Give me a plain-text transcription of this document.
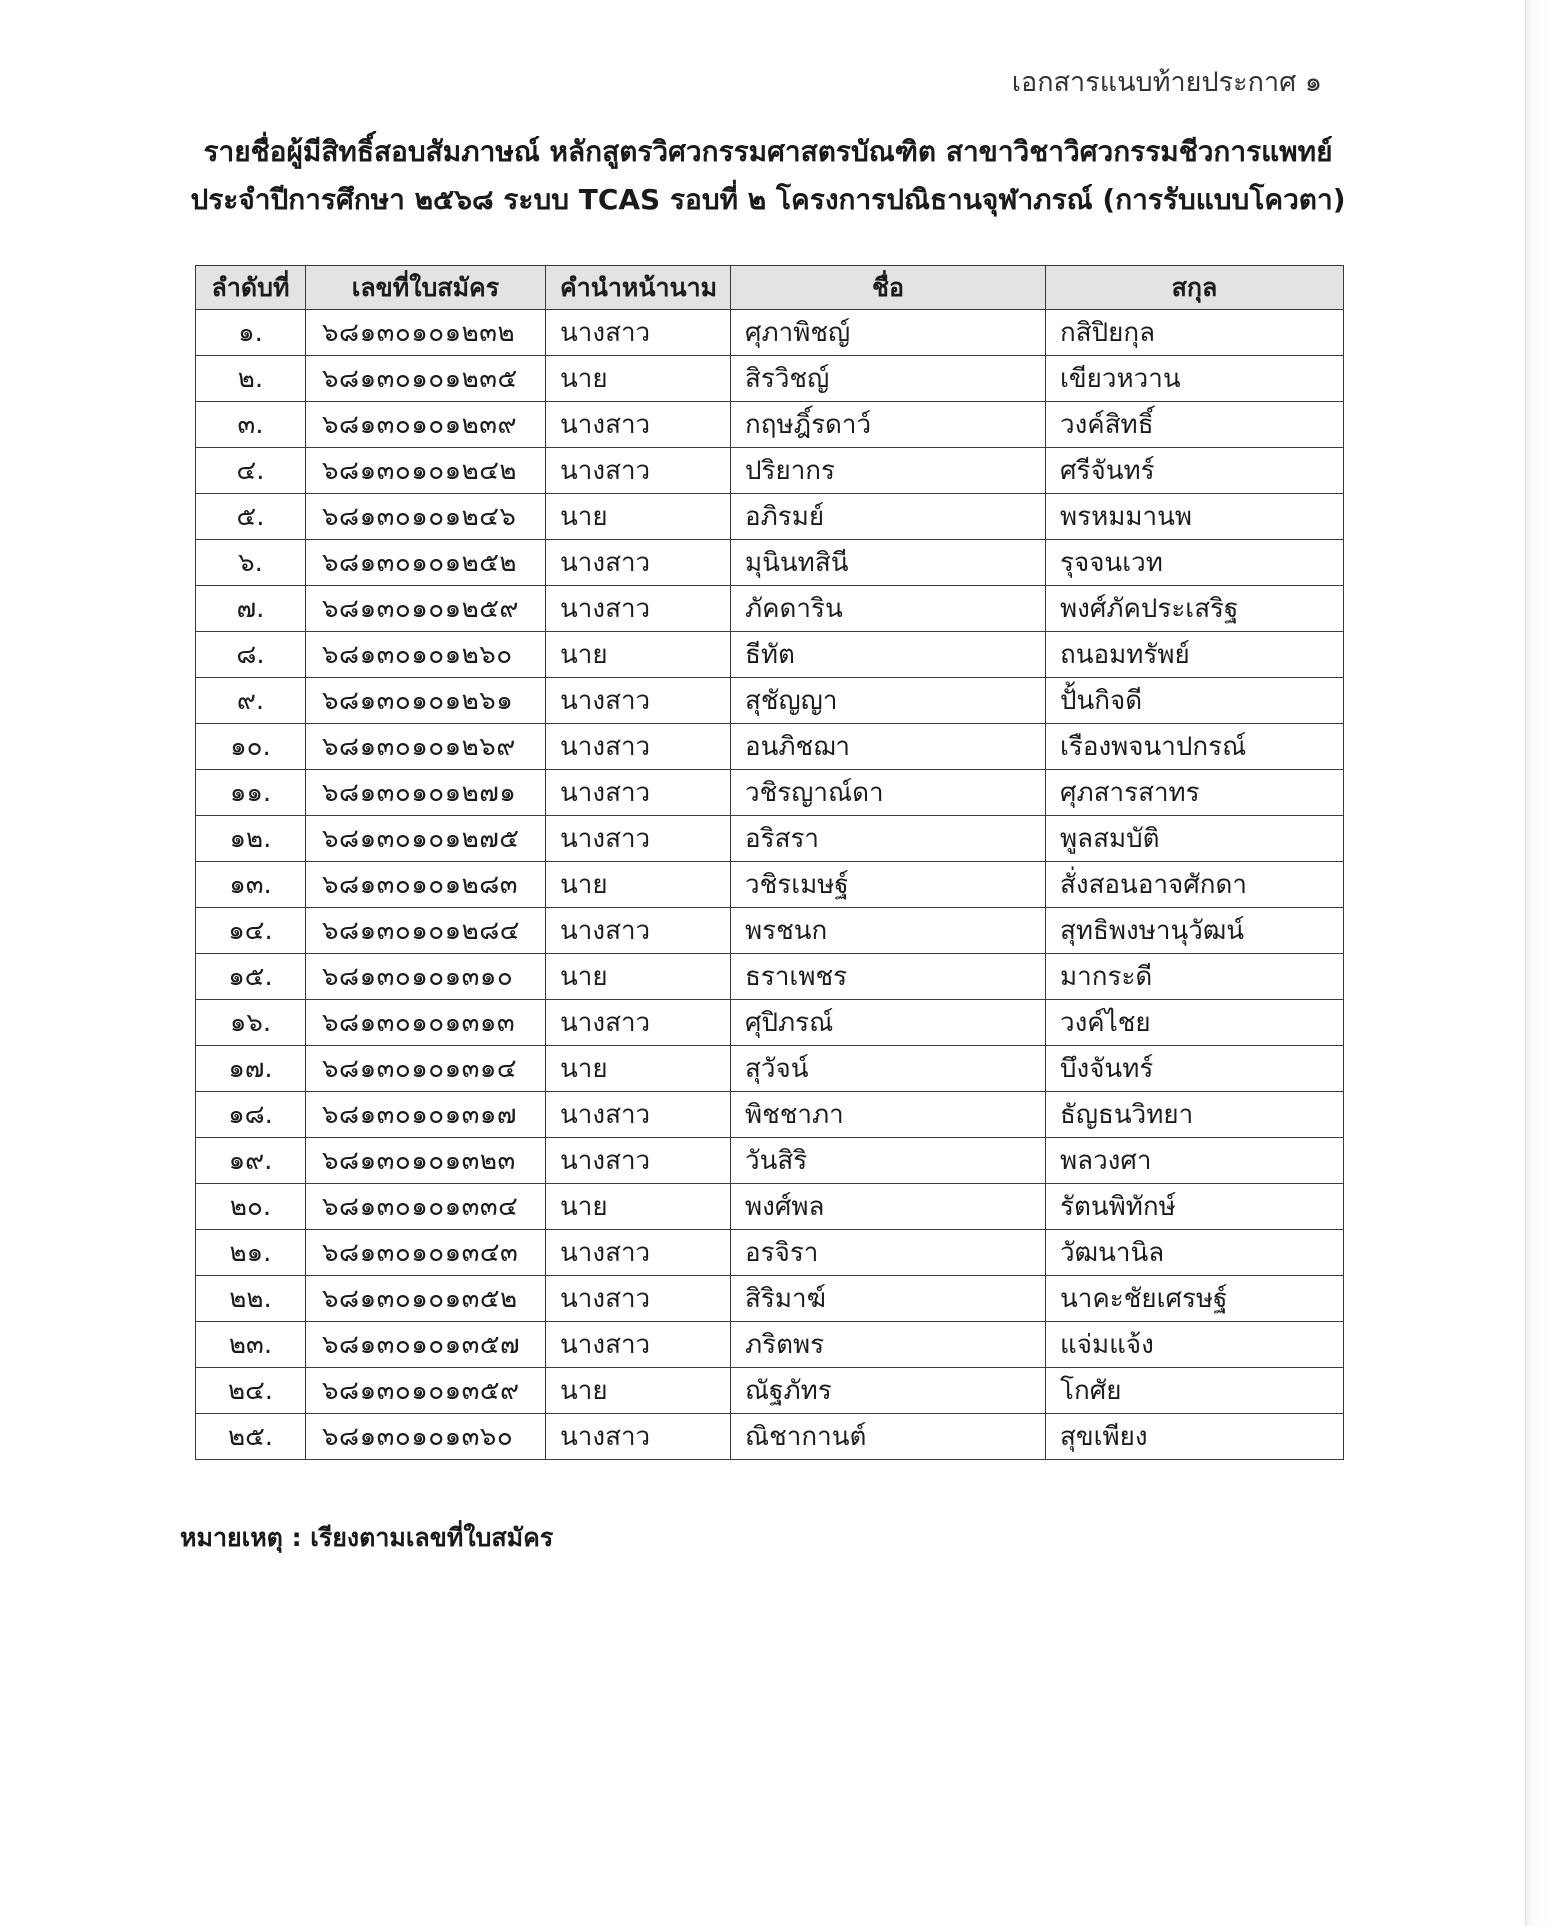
เอกสารแนบท้ายประกาศ ๑
รายชื่อผู้มีสิทธิ์สอบสัมภาษณ์ หลักสูตรวิศวกรรมศาสตรบัณฑิต สาขาวิชาวิศวกรรมชีวการแพทย์
ประจำปีการศึกษา ๒๕๖๘ ระบบ TCAS รอบที่ ๒ โครงการปณิธานจุฬาภรณ์ (การรับแบบโควตา)
ลำดับที่	เลขที่ใบสมัคร	คำนำหน้านาม	ชื่อ	สกุล
๑.	๖๘๑๓๐๑๐๑๒๓๒	นางสาว	ศุภาพิชญ์	กสิปิยกุล
๒.	๖๘๑๓๐๑๐๑๒๓๕	นาย	สิรวิชญ์	เขียวหวาน
๓.	๖๘๑๓๐๑๐๑๒๓๙	นางสาว	กฤษฎิ์รดาว์	วงค์สิทธิ์
๔.	๖๘๑๓๐๑๐๑๒๔๒	นางสาว	ปริยากร	ศรีจันทร์
๕.	๖๘๑๓๐๑๐๑๒๔๖	นาย	อภิรมย์	พรหมมานพ
๖.	๖๘๑๓๐๑๐๑๒๕๒	นางสาว	มุนินทสินี	รุจจนเวท
๗.	๖๘๑๓๐๑๐๑๒๕๙	นางสาว	ภัคดาริน	พงศ์ภัคประเสริฐ
๘.	๖๘๑๓๐๑๐๑๒๖๐	นาย	ธีทัต	ถนอมทรัพย์
๙.	๖๘๑๓๐๑๐๑๒๖๑	นางสาว	สุชัญญา	ปั้นกิจดี
๑๐.	๖๘๑๓๐๑๐๑๒๖๙	นางสาว	อนภิชฌา	เรืองพจนาปกรณ์
๑๑.	๖๘๑๓๐๑๐๑๒๗๑	นางสาว	วชิรญาณ์ดา	ศุภสารสาทร
๑๒.	๖๘๑๓๐๑๐๑๒๗๕	นางสาว	อริสรา	พูลสมบัติ
๑๓.	๖๘๑๓๐๑๐๑๒๘๓	นาย	วชิรเมษฐ์	สั่งสอนอาจศักดา
๑๔.	๖๘๑๓๐๑๐๑๒๘๔	นางสาว	พรชนก	สุทธิพงษานุวัฒน์
๑๕.	๖๘๑๓๐๑๐๑๓๑๐	นาย	ธราเพชร	มากระดี
๑๖.	๖๘๑๓๐๑๐๑๓๑๓	นางสาว	ศุปิภรณ์	วงค์ไชย
๑๗.	๖๘๑๓๐๑๐๑๓๑๔	นาย	สุวัจน์	บึงจันทร์
๑๘.	๖๘๑๓๐๑๐๑๓๑๗	นางสาว	พิชชาภา	ธัญธนวิทยา
๑๙.	๖๘๑๓๐๑๐๑๓๒๓	นางสาว	วันสิริ	พลวงศา
๒๐.	๖๘๑๓๐๑๐๑๓๓๔	นาย	พงศ์พล	รัตนพิทักษ์
๒๑.	๖๘๑๓๐๑๐๑๓๔๓	นางสาว	อรจิรา	วัฒนานิล
๒๒.	๖๘๑๓๐๑๐๑๓๕๒	นางสาว	สิริมาฆ์	นาคะชัยเศรษฐ์
๒๓.	๖๘๑๓๐๑๐๑๓๕๗	นางสาว	ภริตพร	แจ่มแจ้ง
๒๔.	๖๘๑๓๐๑๐๑๓๕๙	นาย	ณัฐภัทร	โกศัย
๒๕.	๖๘๑๓๐๑๐๑๓๖๐	นางสาว	ณิชากานต์	สุขเพียง
หมายเหตุ : เรียงตามเลขที่ใบสมัคร
